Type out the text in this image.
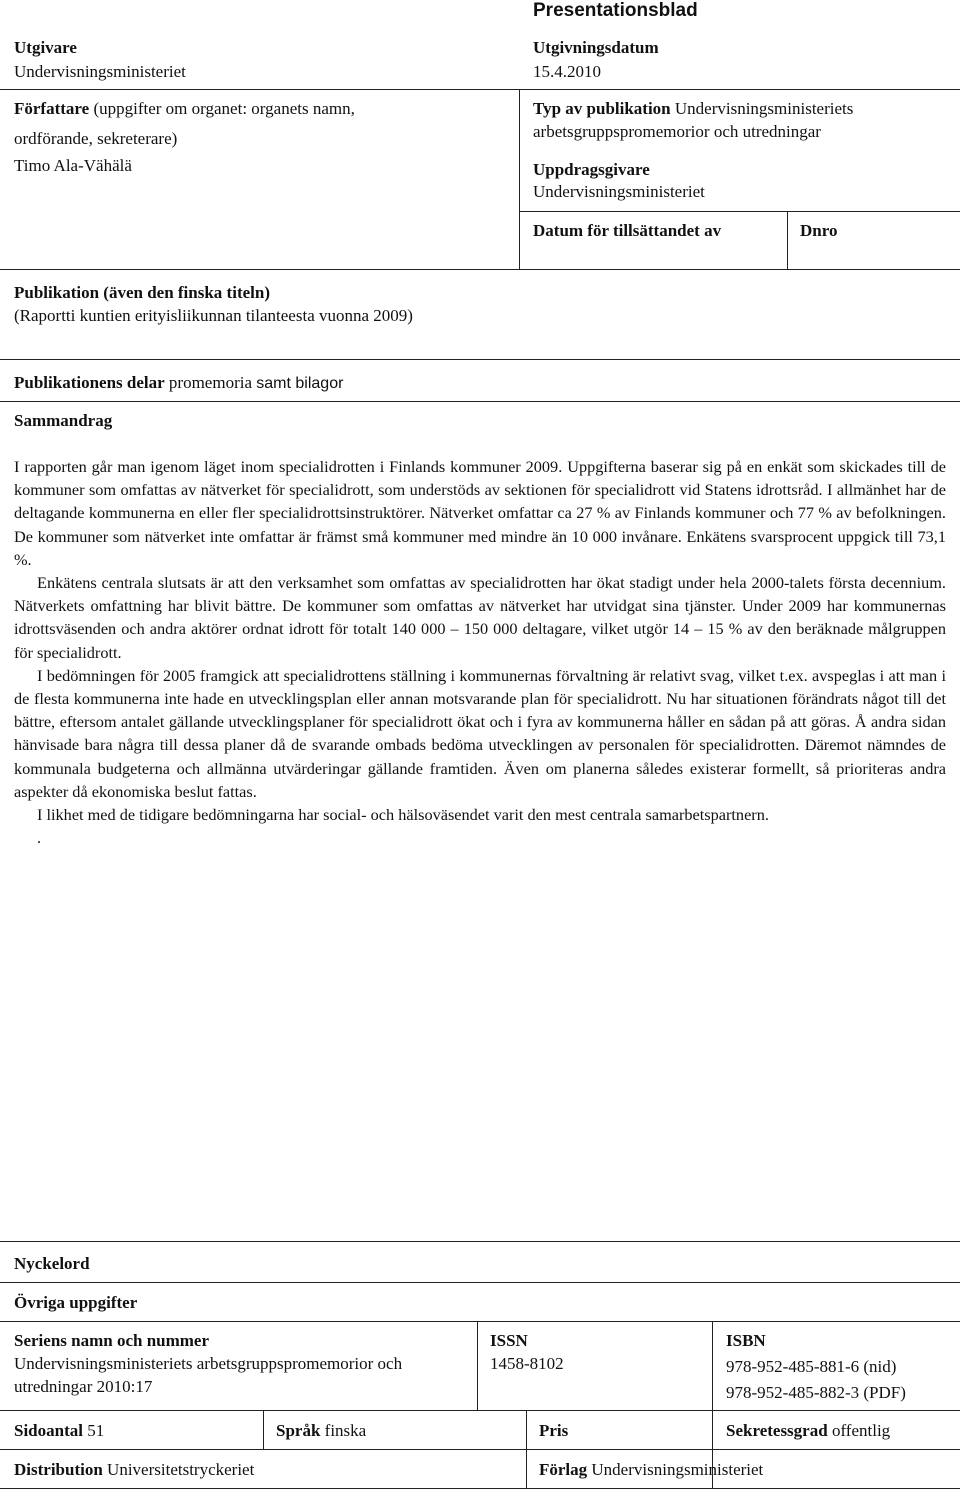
Presentationsblad
Utgivare
Undervisningsministeriet
Utgivningsdatum
15.4.2010
Författare (uppgifter om organet: organets namn,
ordförande, sekreterare)
Timo Ala-Vähälä
Typ av publikation Undervisningsministeriets
arbetsgruppspromemorior och utredningar
Uppdragsgivare
Undervisningsministeriet
Datum för tillsättandet av	Dnro
Publikation (även den finska titeln)
(Raportti kuntien erityisliikunnan tilanteesta vuonna 2009)
Publikationens delar promemoria samt bilagor
Sammandrag

I rapporten går man igenom läget inom specialidrotten i Finlands kommuner 2009. Uppgifterna baserar sig på en enkät som skickades till de kommuner som omfattas av nätverket för specialidrott, som understöds av sektionen för specialidrott vid Statens idrottsråd. I allmänhet har de deltagande kommunerna en eller fler specialidrottsinstruktörer. Nätverket omfattar ca 27 % av Finlands kommuner och 77 % av befolkningen. De kommuner som nätverket inte omfattar är främst små kommuner med mindre än 10 000 invånare. Enkätens svarsprocent uppgick till 73,1 %.

Enkätens centrala slutsats är att den verksamhet som omfattas av specialidrotten har ökat stadigt under hela 2000-talets första decennium. Nätverkets omfattning har blivit bättre. De kommuner som omfattas av nätverket har utvidgat sina tjänster. Under 2009 har kommunernas idrottsväsenden och andra aktörer ordnat idrott för totalt 140 000 – 150 000 deltagare, vilket utgör 14 – 15 % av den beräknade målgruppen för specialidrott.

I bedömningen för 2005 framgick att specialidrottens ställning i kommunernas förvaltning är relativt svag, vilket t.ex. avspeglas i att man i de flesta kommunerna inte hade en utvecklingsplan eller annan motsvarande plan för specialidrott. Nu har situationen förändrats något till det bättre, eftersom antalet gällande utvecklingsplaner för specialidrott ökat och i fyra av kommunerna håller en sådan på att göras. Å andra sidan hänvisade bara några till dessa planer då de svarande ombads bedöma utvecklingen av personalen för specialidrotten. Däremot nämndes de kommunala budgeterna och allmänna utvärderingar gällande framtiden. Även om planerna således existerar formellt, så prioriteras andra aspekter då ekonomiska beslut fattas.

I likhet med de tidigare bedömningarna har social- och hälsoväsendet varit den mest centrala samarbetspartnern.

.

Nyckelord
Övriga uppgifter
Seriens namn och nummer
Undervisningsministeriets arbetsgruppspromemorior och
utredningar 2010:17
ISSN
1458-8102
ISBN
978-952-485-881-6 (nid)
978-952-485-882-3 (PDF)
Sidoantal 51	Språk finska	Pris	Sekretessgrad offentlig
Distribution Universitetstryckeriet	Förlag Undervisningsministeriet
